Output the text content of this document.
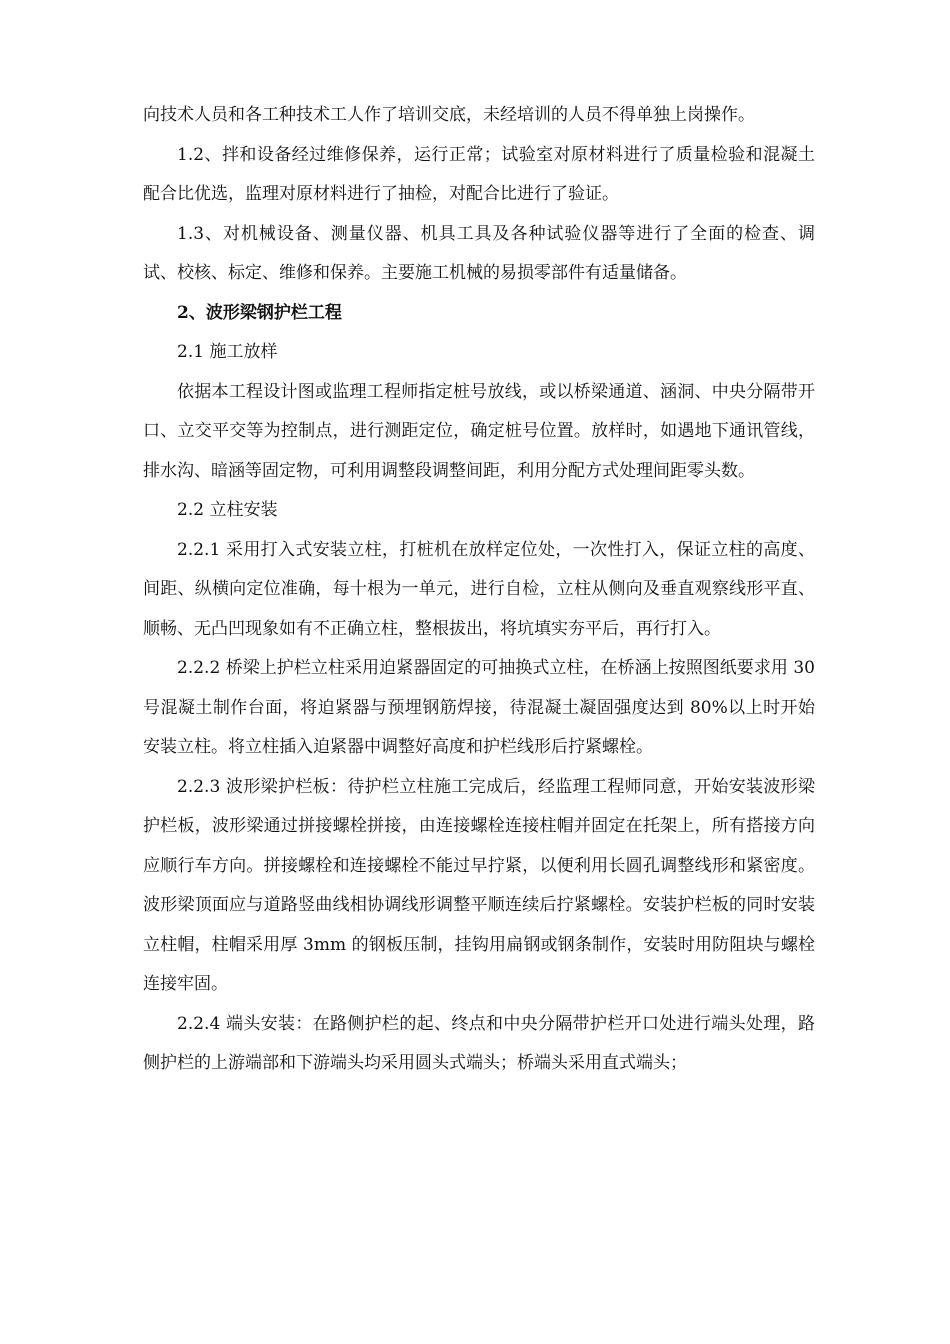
向技术人员和各工种技术工人作了培训交底，未经培训的人员不得单独上岗操作。

1.2、拌和设备经过维修保养，运行正常；试验室对原材料进行了质量检验和混凝土配合比优选，监理对原材料进行了抽检，对配合比进行了验证。

1.3、对机械设备、测量仪器、机具工具及各种试验仪器等进行了全面的检查、调试、校核、标定、维修和保养。主要施工机械的易损零部件有适量储备。

2、波形梁钢护栏工程

2.1 施工放样

依据本工程设计图或监理工程师指定桩号放线，或以桥梁通道、涵洞、中央分隔带开口、立交平交等为控制点，进行测距定位，确定桩号位置。放样时，如遇地下通讯管线，排水沟、暗涵等固定物，可利用调整段调整间距，利用分配方式处理间距零头数。

2.2 立柱安装

2.2.1 采用打入式安装立柱，打桩机在放样定位处，一次性打入，保证立柱的高度、间距、纵横向定位准确，每十根为一单元，进行自检，立柱从侧向及垂直观察线形平直、顺畅、无凸凹现象如有不正确立柱，整根拔出，将坑填实夯平后，再行打入。

2.2.2 桥梁上护栏立柱采用迫紧器固定的可抽换式立柱，在桥涵上按照图纸要求用 30 号混凝土制作台面，将迫紧器与预埋钢筋焊接，待混凝土凝固强度达到 80%以上时开始安装立柱。将立柱插入迫紧器中调整好高度和护栏线形后拧紧螺栓。

2.2.3 波形梁护栏板：待护栏立柱施工完成后，经监理工程师同意，开始安装波形梁护栏板，波形梁通过拼接螺栓拼接，由连接螺栓连接柱帽并固定在托架上，所有搭接方向应顺行车方向。拼接螺栓和连接螺栓不能过早拧紧，以便利用长圆孔调整线形和紧密度。波形梁顶面应与道路竖曲线相协调线形调整平顺连续后拧紧螺栓。安装护栏板的同时安装立柱帽，柱帽采用厚 3mm 的钢板压制，挂钩用扁钢或钢条制作，安装时用防阻块与螺栓连接牢固。

2.2.4 端头安装：在路侧护栏的起、终点和中央分隔带护栏开口处进行端头处理，路侧护栏的上游端部和下游端头均采用圆头式端头；桥端头采用直式端头；
